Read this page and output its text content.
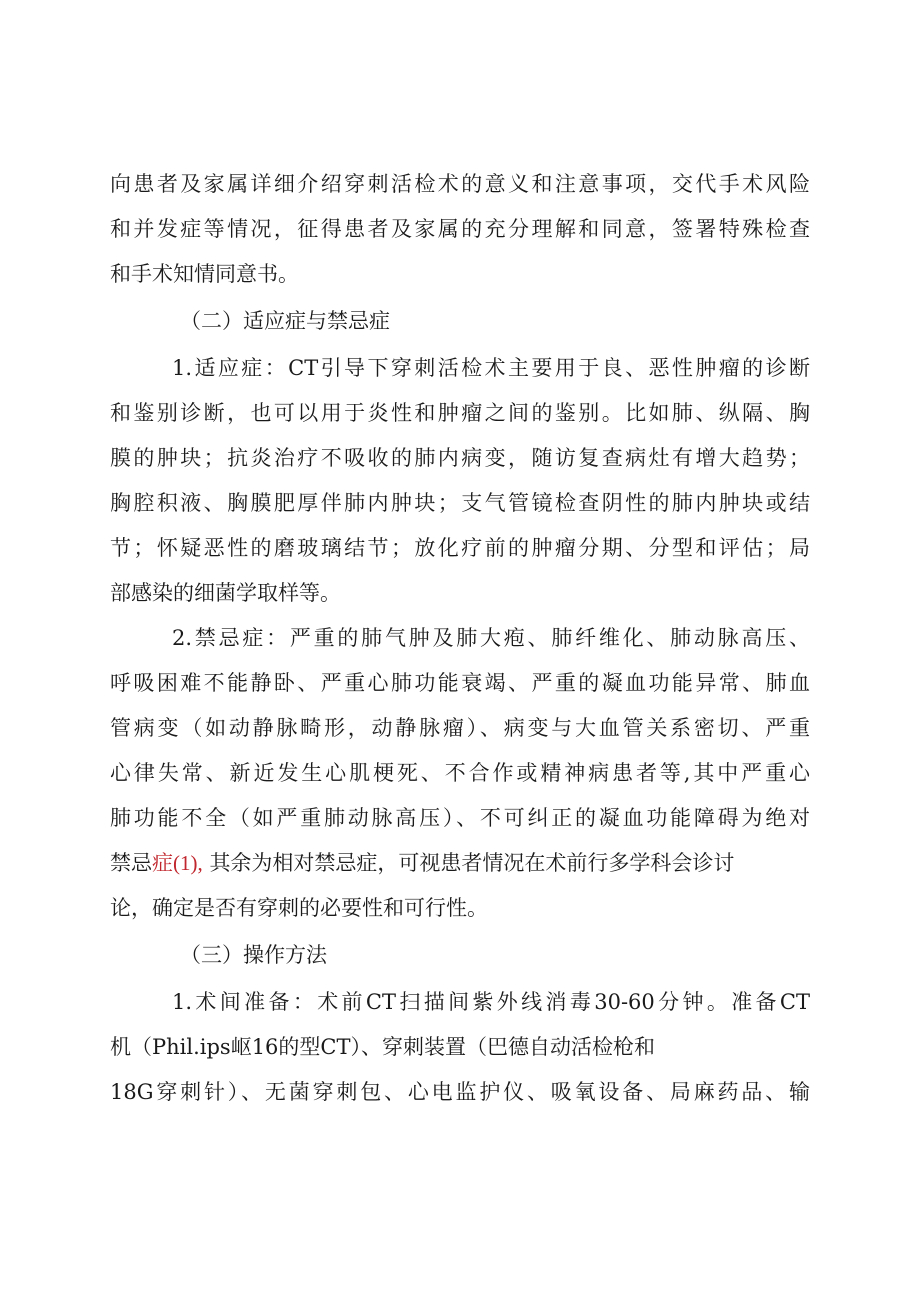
向患者及家属详细介绍穿刺活检术的意义和注意事项，交代手术风险
和并发症等情况，征得患者及家属的充分理解和同意，签署特殊检查
和手术知情同意书。
（二）适应症与禁忌症
1.适应症：CT引导下穿刺活检术主要用于良、恶性肿瘤的诊断
和鉴别诊断，也可以用于炎性和肿瘤之间的鉴别。比如肺、纵隔、胸
膜的肿块；抗炎治疗不吸收的肺内病变，随访复查病灶有增大趋势；
胸腔积液、胸膜肥厚伴肺内肿块；支气管镜检查阴性的肺内肿块或结
节；怀疑恶性的磨玻璃结节；放化疗前的肿瘤分期、分型和评估；局
部感染的细菌学取样等。
2.禁忌症：严重的肺气肿及肺大疱、肺纤维化、肺动脉高压、
呼吸困难不能静卧、严重心肺功能衰竭、严重的凝血功能异常、肺血
管病变（如动静脉畸形，动静脉瘤）、病变与大血管关系密切、严重
心律失常、新近发生心肌梗死、不合作或精神病患者等,其中严重心
肺功能不全（如严重肺动脉高压）、不可纠正的凝血功能障碍为绝对
禁忌症(1), 其余为相对禁忌症，可视患者情况在术前行多学科会诊讨
论，确定是否有穿刺的必要性和可行性。
（三）操作方法
1.术间准备：术前CT扫描间紫外线消毒30-60分钟。准备CT
机（Phil.ips岖16的型CT）、穿刺装置（巴德自动活检枪和
18G穿刺针）、无菌穿刺包、心电监护仪、吸氧设备、局麻药品、输
